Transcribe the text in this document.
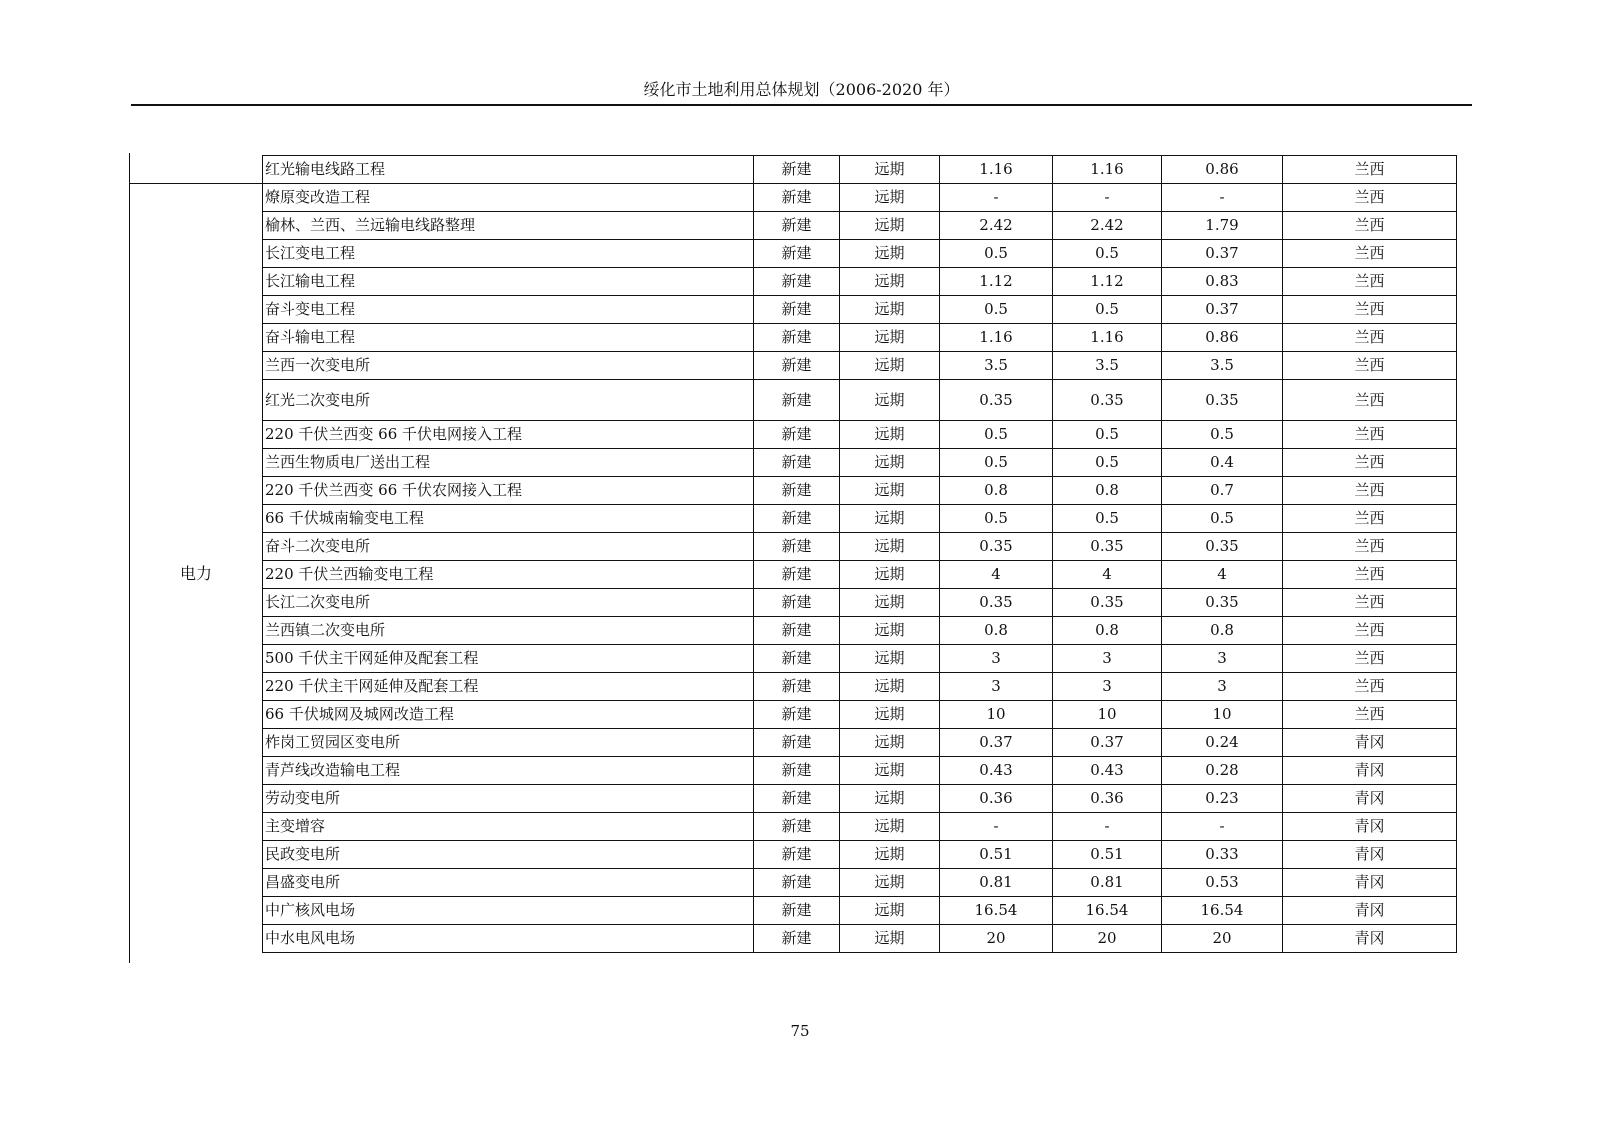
绥化市土地利用总体规划（2006-2020 年）
电力
红光输电线路工程	新建	远期	1.16	1.16	0.86	兰西
燎原变改造工程	新建	远期	-	-	-	兰西
榆林、兰西、兰远输电线路整理	新建	远期	2.42	2.42	1.79	兰西
长江变电工程	新建	远期	0.5	0.5	0.37	兰西
长江输电工程	新建	远期	1.12	1.12	0.83	兰西
奋斗变电工程	新建	远期	0.5	0.5	0.37	兰西
奋斗输电工程	新建	远期	1.16	1.16	0.86	兰西
兰西一次变电所	新建	远期	3.5	3.5	3.5	兰西
红光二次变电所	新建	远期	0.35	0.35	0.35	兰西
220 千伏兰西变 66 千伏电网接入工程	新建	远期	0.5	0.5	0.5	兰西
兰西生物质电厂送出工程	新建	远期	0.5	0.5	0.4	兰西
220 千伏兰西变 66 千伏农网接入工程	新建	远期	0.8	0.8	0.7	兰西
66 千伏城南输变电工程	新建	远期	0.5	0.5	0.5	兰西
奋斗二次变电所	新建	远期	0.35	0.35	0.35	兰西
220 千伏兰西输变电工程	新建	远期	4	4	4	兰西
长江二次变电所	新建	远期	0.35	0.35	0.35	兰西
兰西镇二次变电所	新建	远期	0.8	0.8	0.8	兰西
500 千伏主干网延伸及配套工程	新建	远期	3	3	3	兰西
220 千伏主干网延伸及配套工程	新建	远期	3	3	3	兰西
66 千伏城网及城网改造工程	新建	远期	10	10	10	兰西
柞岗工贸园区变电所	新建	远期	0.37	0.37	0.24	青冈
青芦线改造输电工程	新建	远期	0.43	0.43	0.28	青冈
劳动变电所	新建	远期	0.36	0.36	0.23	青冈
主变增容	新建	远期	-	-	-	青冈
民政变电所	新建	远期	0.51	0.51	0.33	青冈
昌盛变电所	新建	远期	0.81	0.81	0.53	青冈
中广核风电场	新建	远期	16.54	16.54	16.54	青冈
中水电风电场	新建	远期	20	20	20	青冈
75
